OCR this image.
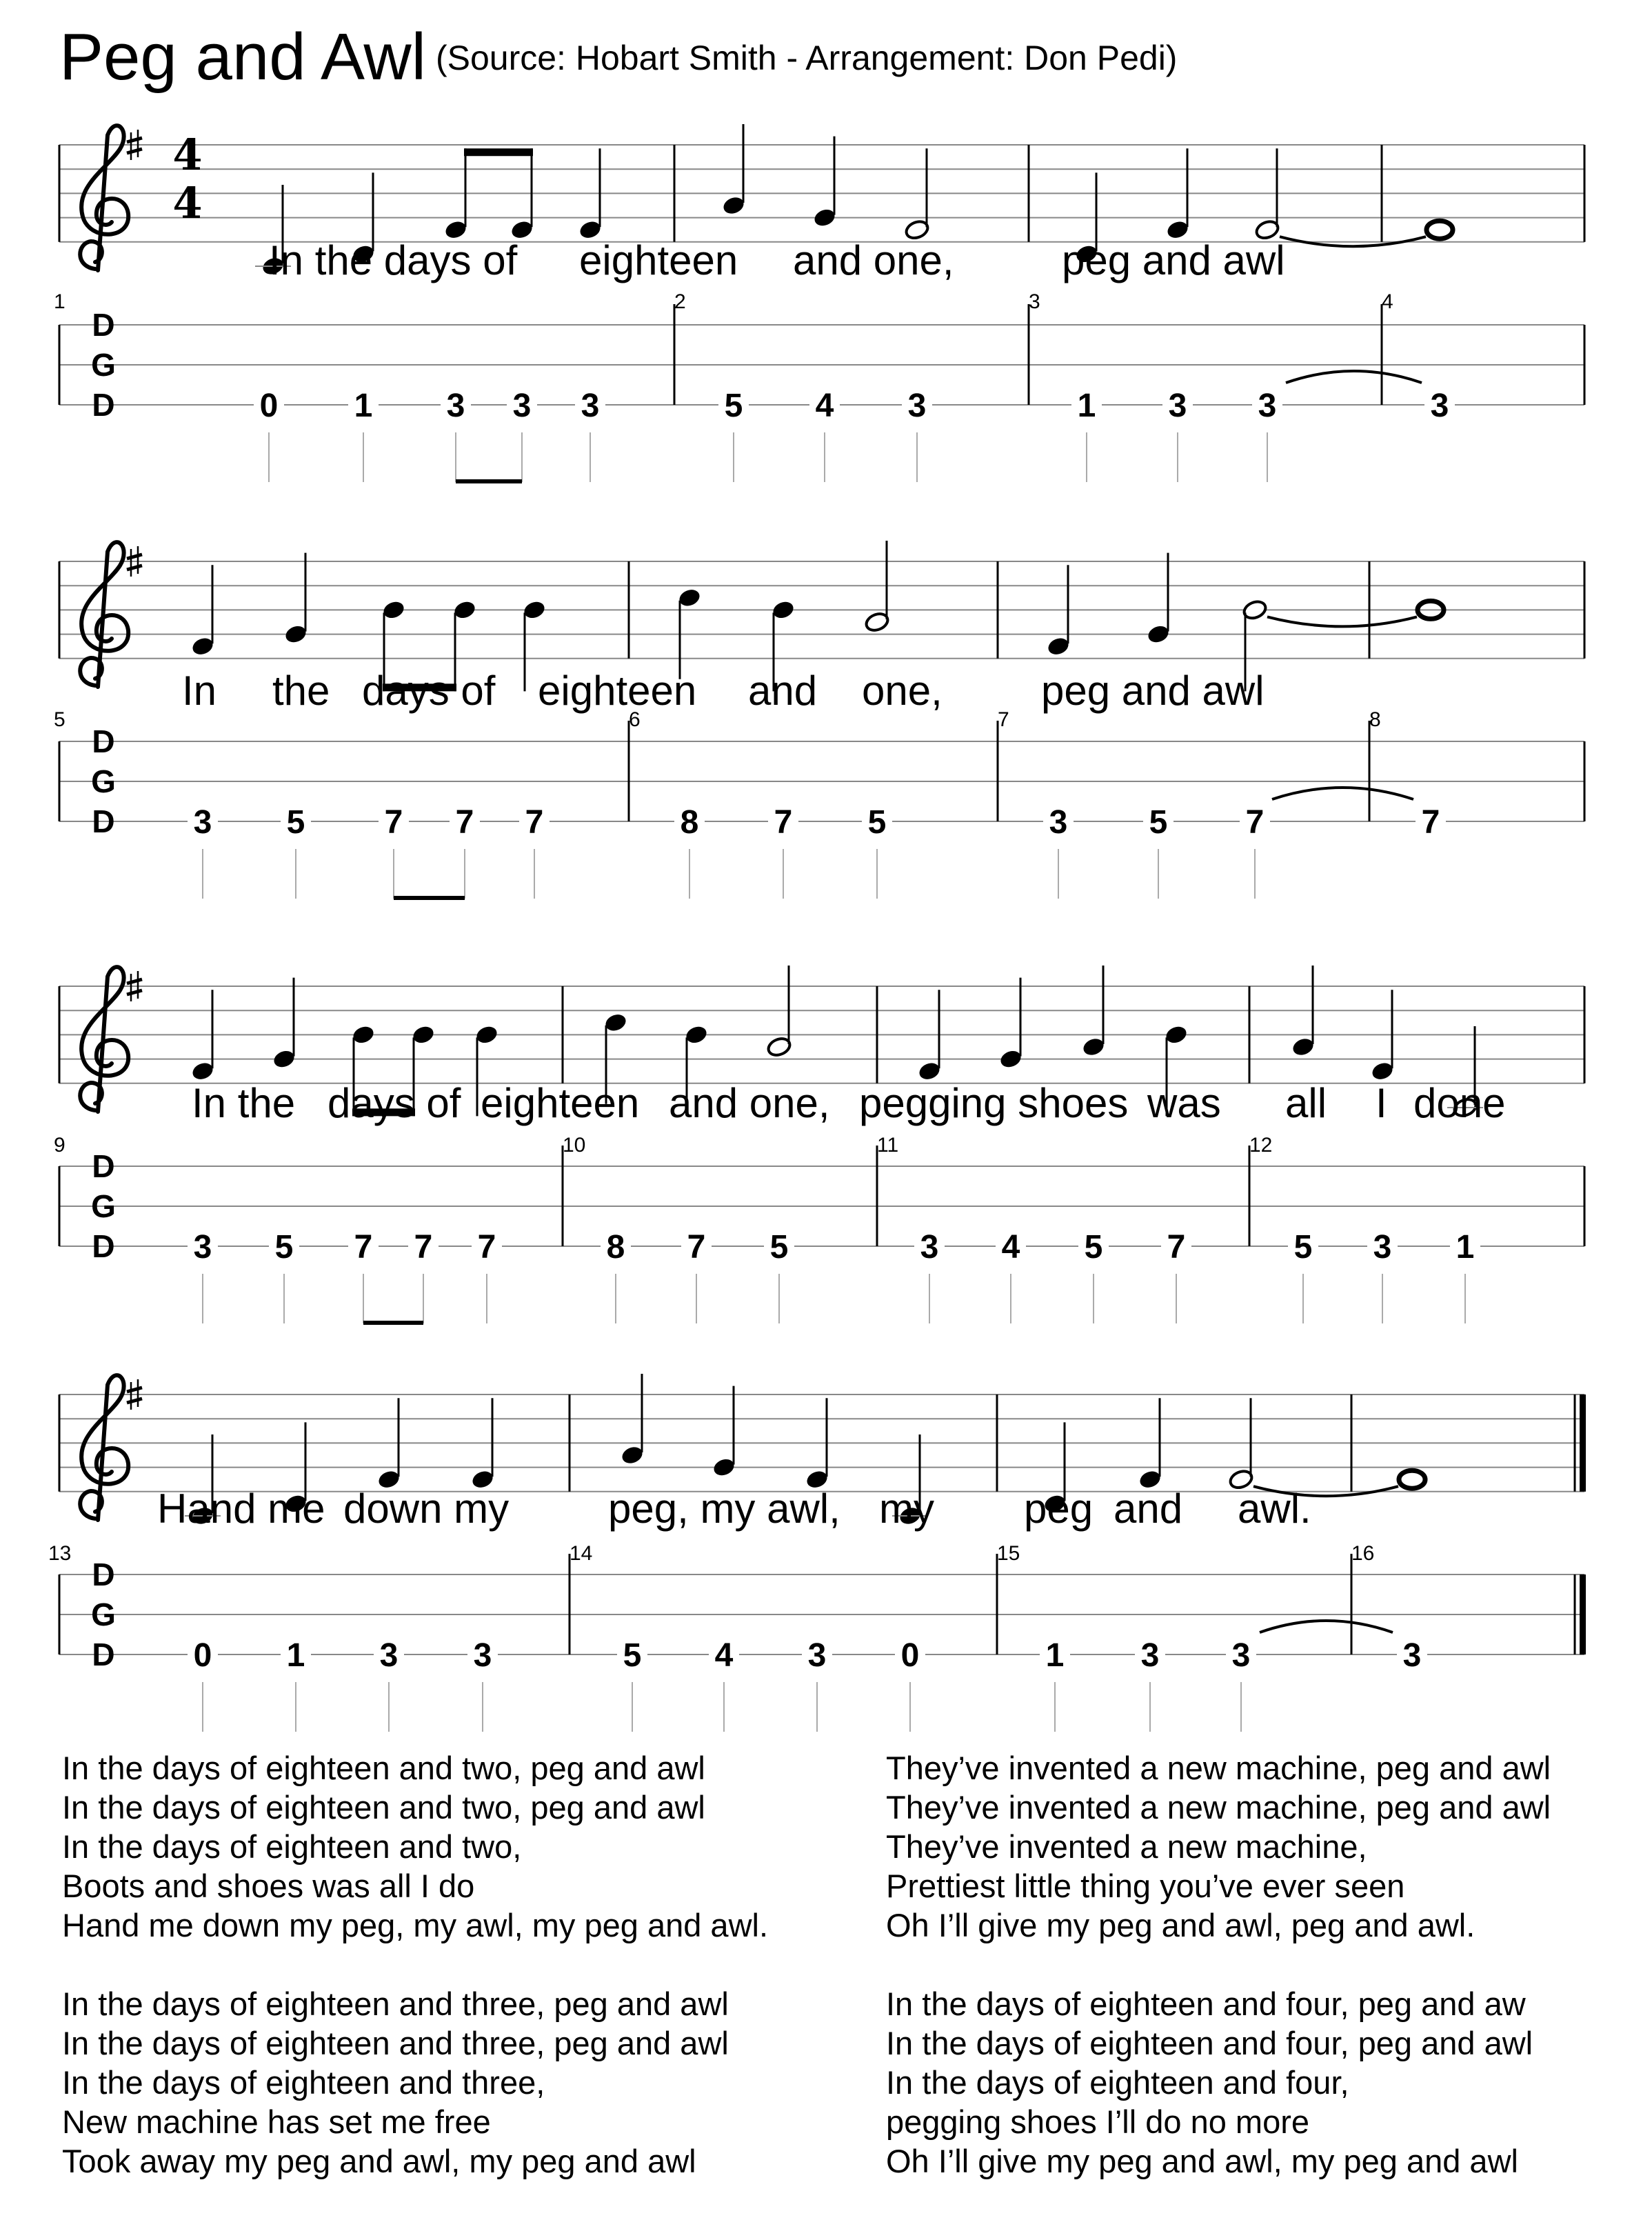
Peg and Awl (Source: Hobart Smith - Arrangement: Don Pedi)
4
4
In the days of eighteen and one,	peg and awl
1	2	3	4
D
G
D	0 1 3 3 3	5 4 3	1 3 3	3
In the days of eighteen and one, peg and awl
5	6	7	8
D
G
D 3 5 7 7 7	8 7 5	3 5 7	7
In the days of eighteen and one, pegging shoes was all I done
9	10	11	12
D
G
D 3 5 7 7 7	8 7 5	3 4 5 7	5 3 1
Hand me down my peg, my awl, my peg and awl.
13	14	15	16
D
G
D 0 1 3 3	5 4 3 0	1 3 3	3
In the days of eighteen and two, peg and awl
In the days of eighteen and two, peg and awl
In the days of eighteen and two,
Boots and shoes was all I do
Hand me down my peg, my awl, my peg and awl.
In the days of eighteen and three, peg and awl
In the days of eighteen and three, peg and awl
In the days of eighteen and three,
New machine has set me free
Took away my peg and awl, my peg and awl
They’ve invented a new machine, peg and awl
They’ve invented a new machine, peg and awl
They’ve invented a new machine,
Prettiest little thing you’ve ever seen
Oh I’ll give my peg and awl, peg and awl.
In the days of eighteen and four, peg and aw
In the days of eighteen and four, peg and awl
In the days of eighteen and four,
pegging shoes I’ll do no more
Oh I’ll give my peg and awl, my peg and awl
